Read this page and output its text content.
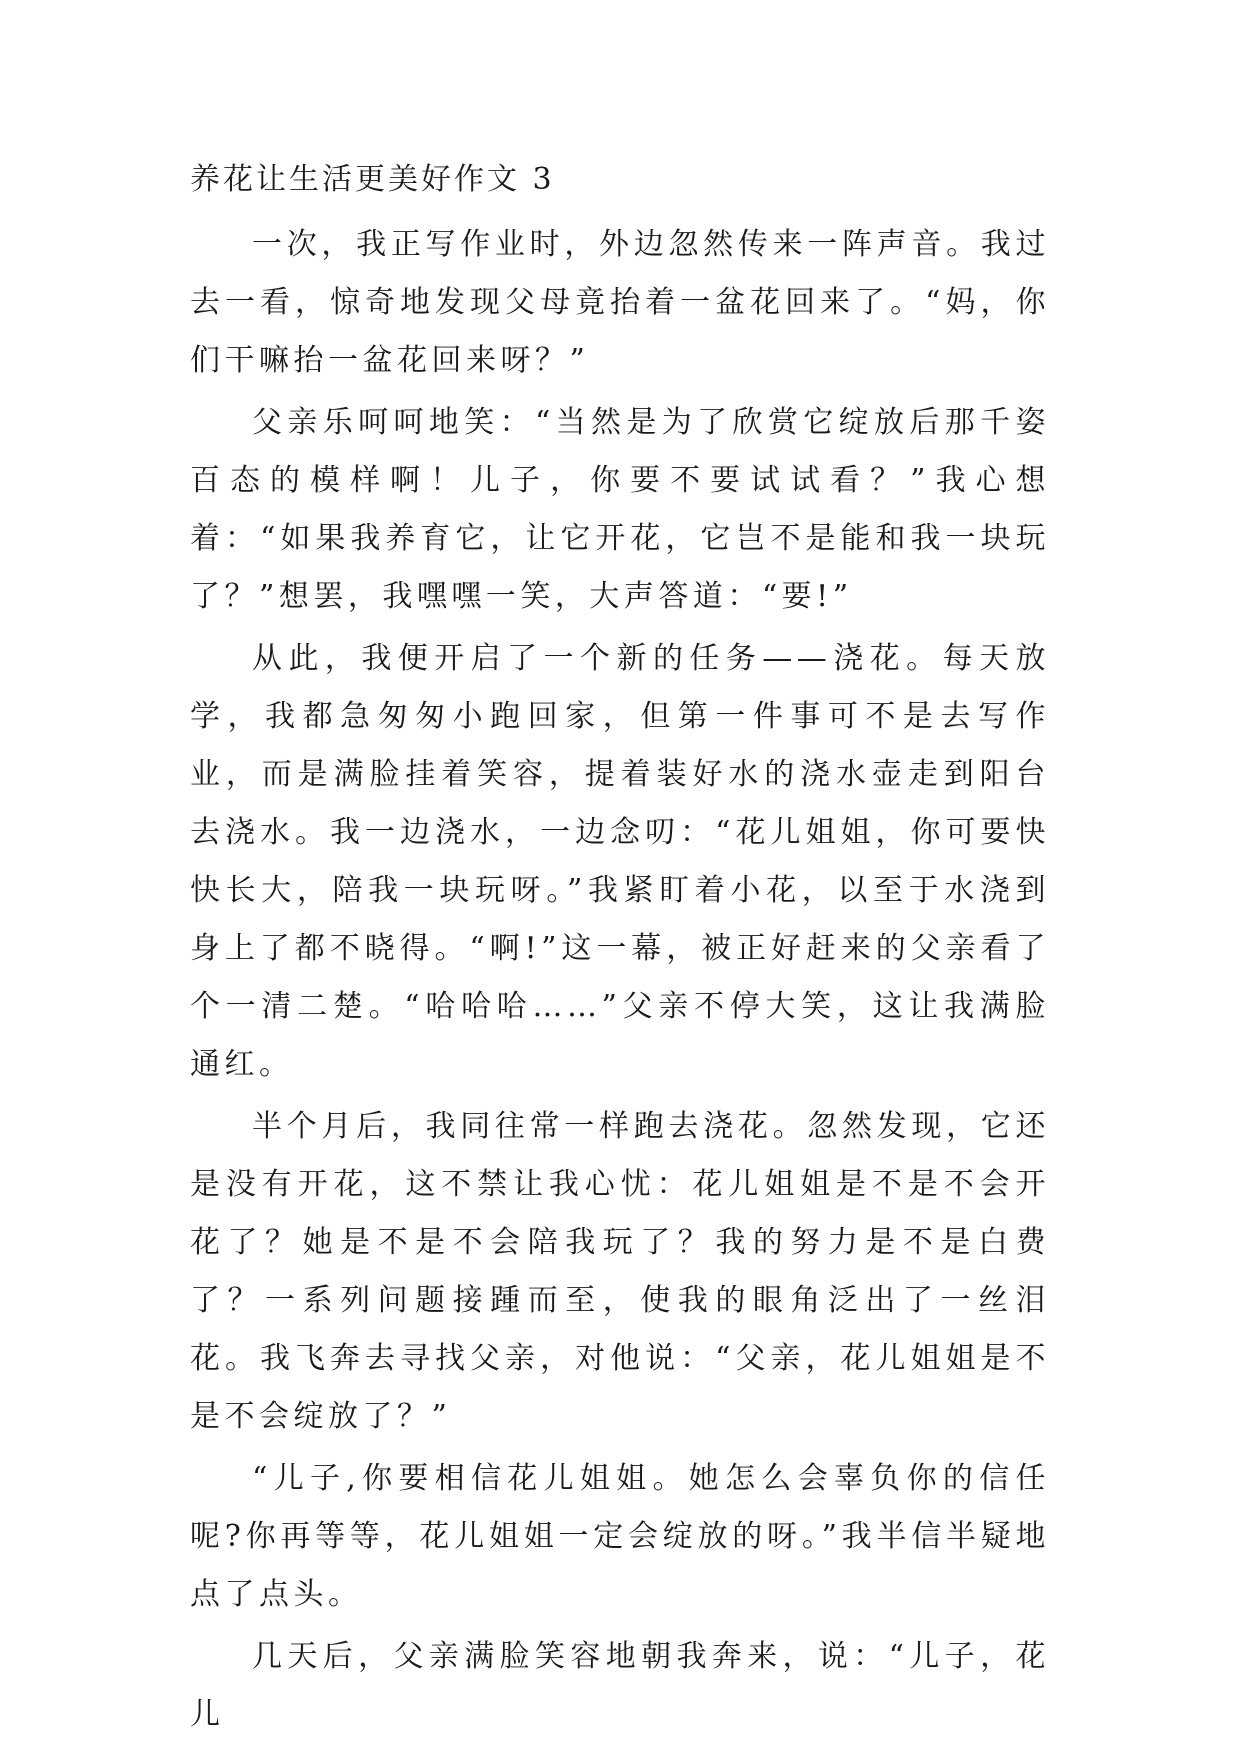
养花让生活更美好作文 3

一次，我正写作业时，外边忽然传来一阵声音。我过去一看，惊奇地发现父母竟抬着一盆花回来了。“妈，你们干嘛抬一盆花回来呀？”

父亲乐呵呵地笑：“当然是为了欣赏它绽放后那千姿百态的模样啊！儿子，你要不要试试看？”我心想着：“如果我养育它，让它开花，它岂不是能和我一块玩了？”想罢，我嘿嘿一笑，大声答道：“要!”

从此，我便开启了一个新的任务——浇花。每天放学，我都急匆匆小跑回家，但第一件事可不是去写作业，而是满脸挂着笑容，提着装好水的浇水壶走到阳台去浇水。我一边浇水，一边念叨：“花儿姐姐，你可要快快长大，陪我一块玩呀。”我紧盯着小花，以至于水浇到身上了都不晓得。“啊!”这一幕，被正好赶来的父亲看了个一清二楚。“哈哈哈……”父亲不停大笑，这让我满脸通红。

半个月后，我同往常一样跑去浇花。忽然发现，它还是没有开花，这不禁让我心忧：花儿姐姐是不是不会开花了？她是不是不会陪我玩了？我的努力是不是白费了？一系列问题接踵而至，使我的眼角泛出了一丝泪花。我飞奔去寻找父亲，对他说：“父亲，花儿姐姐是不是不会绽放了？”

“儿子,你要相信花儿姐姐。她怎么会辜负你的信任呢?你再等等，花儿姐姐一定会绽放的呀。”我半信半疑地点了点头。

几天后，父亲满脸笑容地朝我奔来，说：“儿子，花儿
